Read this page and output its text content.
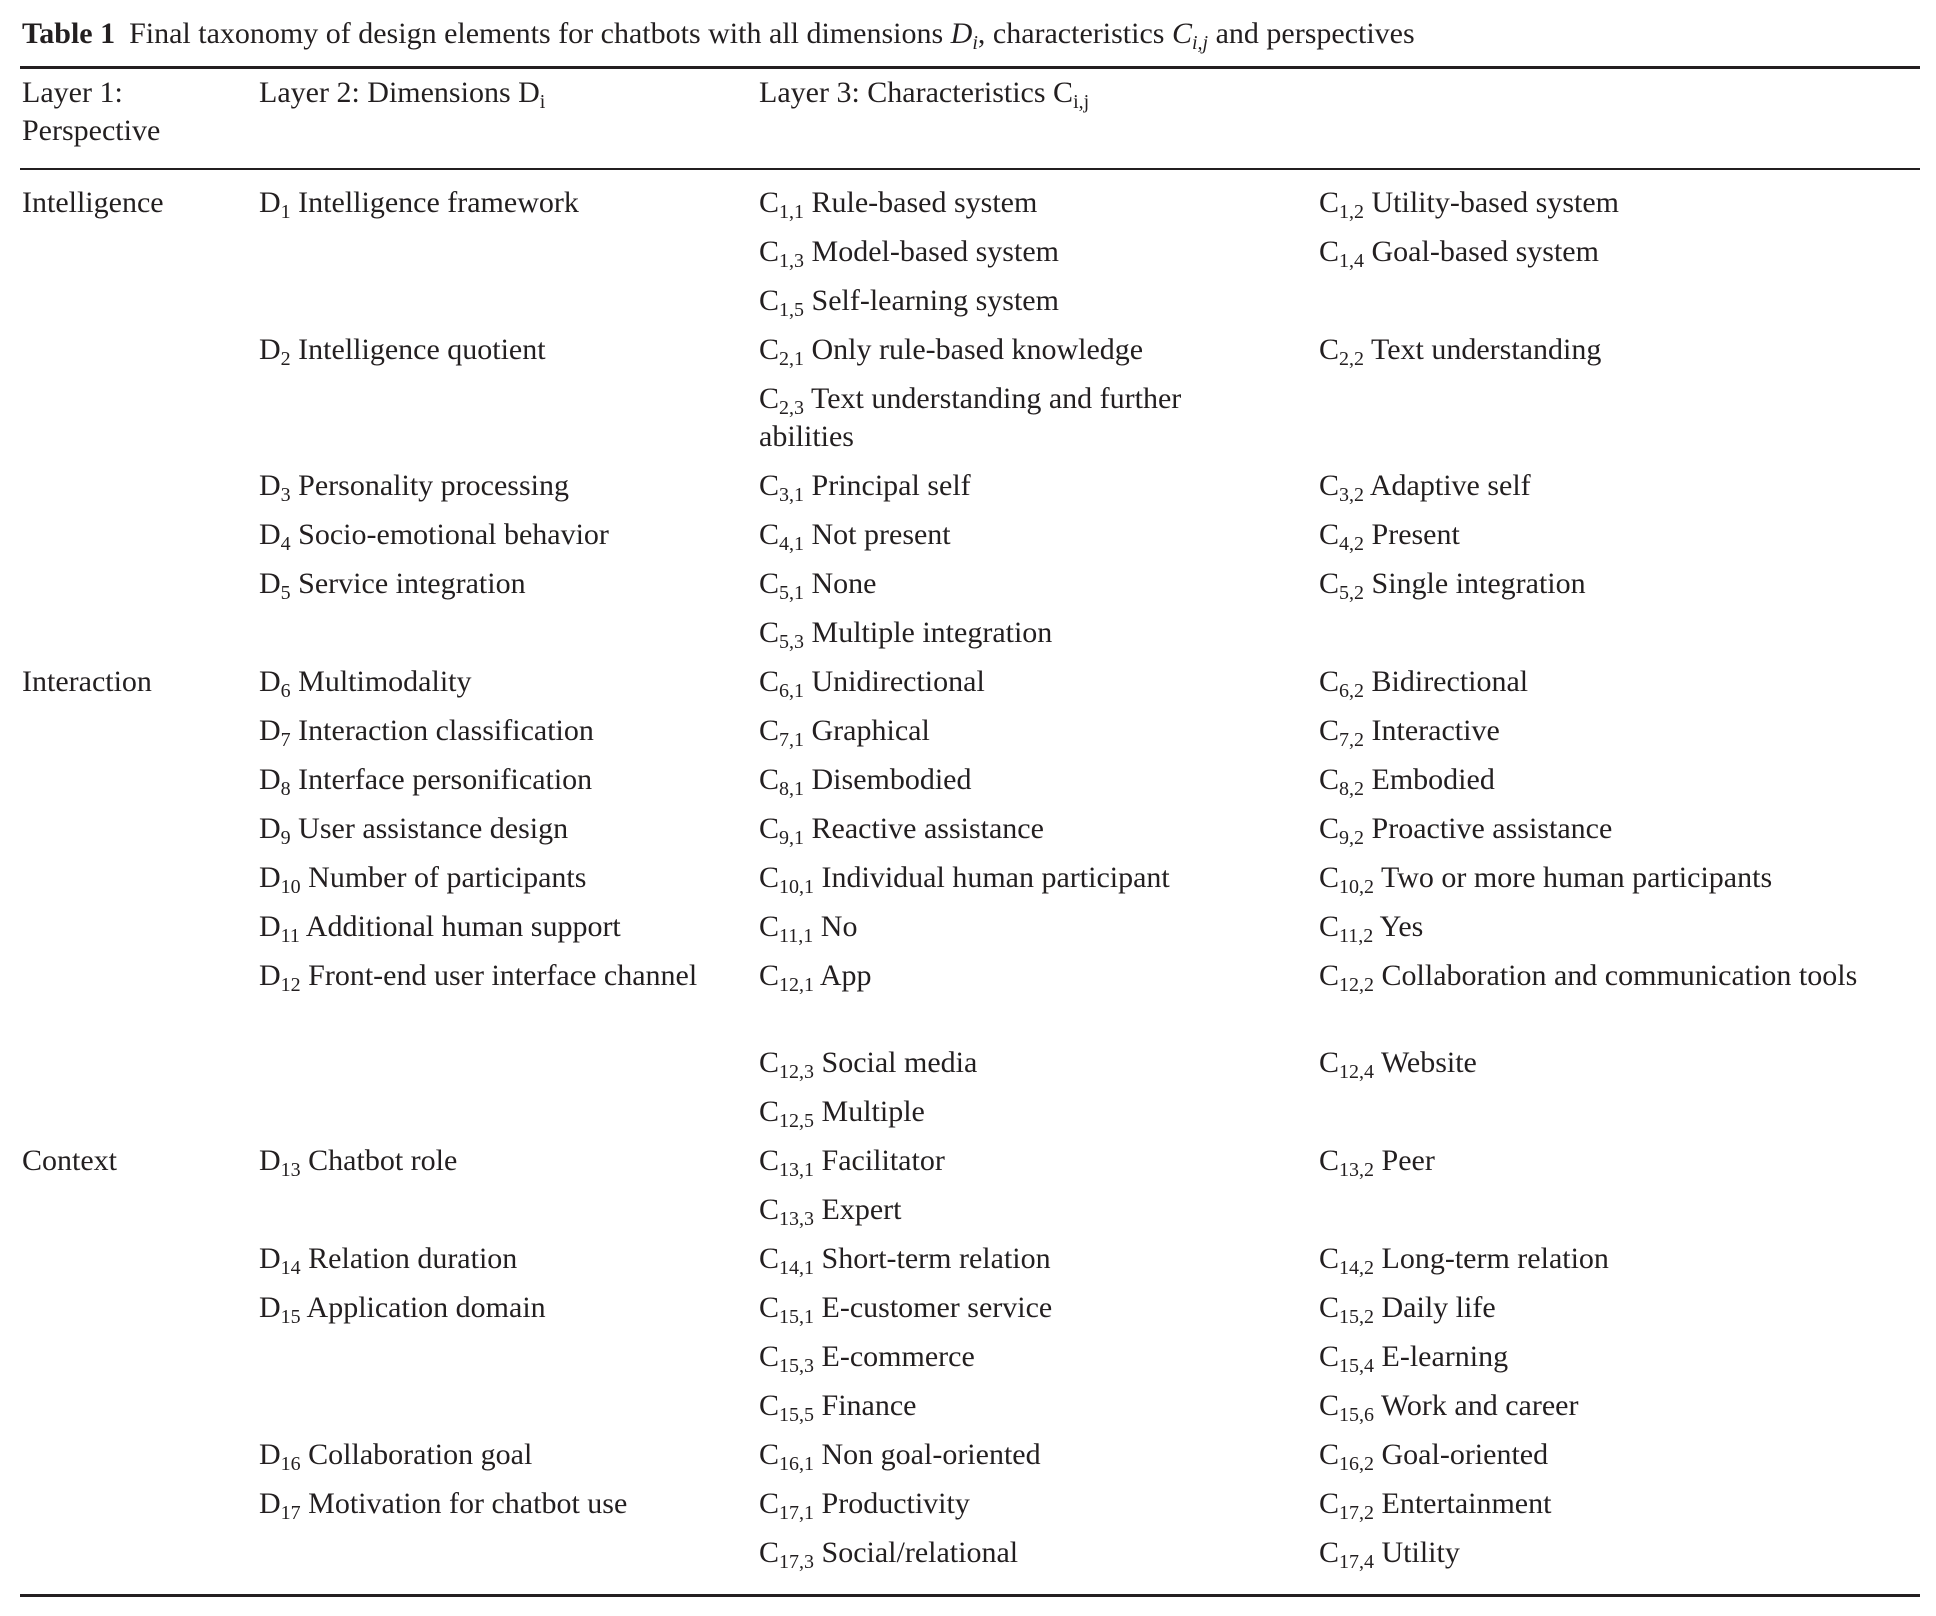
Table 1 Final taxonomy of design elements for chatbots with all dimensions $D_i$, characteristics $C_{i,j}$ and perspectives
Layer 1: Perspective	Layer 2: Dimensions $D_i$	Layer 3: Characteristics $C_{i,j}$	
Intelligence	$D_1$ Intelligence framework	$C_{1,1}$ Rule-based system	$C_{1,2}$ Utility-based system
		$C_{1,3}$ Model-based system	$C_{1,4}$ Goal-based system
		$C_{1,5}$ Self-learning system	
	$D_2$ Intelligence quotient	$C_{2,1}$ Only rule-based knowledge	$C_{2,2}$ Text understanding
		$C_{2,3}$ Text understanding and further abilities	
	$D_3$ Personality processing	$C_{3,1}$ Principal self	$C_{3,2}$ Adaptive self
	$D_4$ Socio-emotional behavior	$C_{4,1}$ Not present	$C_{4,2}$ Present
	$D_5$ Service integration	$C_{5,1}$ None	$C_{5,2}$ Single integration
		$C_{5,3}$ Multiple integration	
Interaction	$D_6$ Multimodality	$C_{6,1}$ Unidirectional	$C_{6,2}$ Bidirectional
	$D_7$ Interaction classification	$C_{7,1}$ Graphical	$C_{7,2}$ Interactive
	$D_8$ Interface personification	$C_{8,1}$ Disembodied	$C_{8,2}$ Embodied
	$D_9$ User assistance design	$C_{9,1}$ Reactive assistance	$C_{9,2}$ Proactive assistance
	$D_{10}$ Number of participants	$C_{10,1}$ Individual human participant	$C_{10,2}$ Two or more human participants
	$D_{11}$ Additional human support	$C_{11,1}$ No	$C_{11,2}$ Yes
	$D_{12}$ Front-end user interface channel	$C_{12,1}$ App	$C_{12,2}$ Collaboration and communication tools
		$C_{12,3}$ Social media	$C_{12,4}$ Website
		$C_{12,5}$ Multiple	
Context	$D_{13}$ Chatbot role	$C_{13,1}$ Facilitator	$C_{13,2}$ Peer
		$C_{13,3}$ Expert	
	$D_{14}$ Relation duration	$C_{14,1}$ Short-term relation	$C_{14,2}$ Long-term relation
	$D_{15}$ Application domain	$C_{15,1}$ E-customer service	$C_{15,2}$ Daily life
		$C_{15,3}$ E-commerce	$C_{15,4}$ E-learning
		$C_{15,5}$ Finance	$C_{15,6}$ Work and career
	$D_{16}$ Collaboration goal	$C_{16,1}$ Non goal-oriented	$C_{16,2}$ Goal-oriented
	$D_{17}$ Motivation for chatbot use	$C_{17,1}$ Productivity	$C_{17,2}$ Entertainment
		$C_{17,3}$ Social/relational	$C_{17,4}$ Utility
